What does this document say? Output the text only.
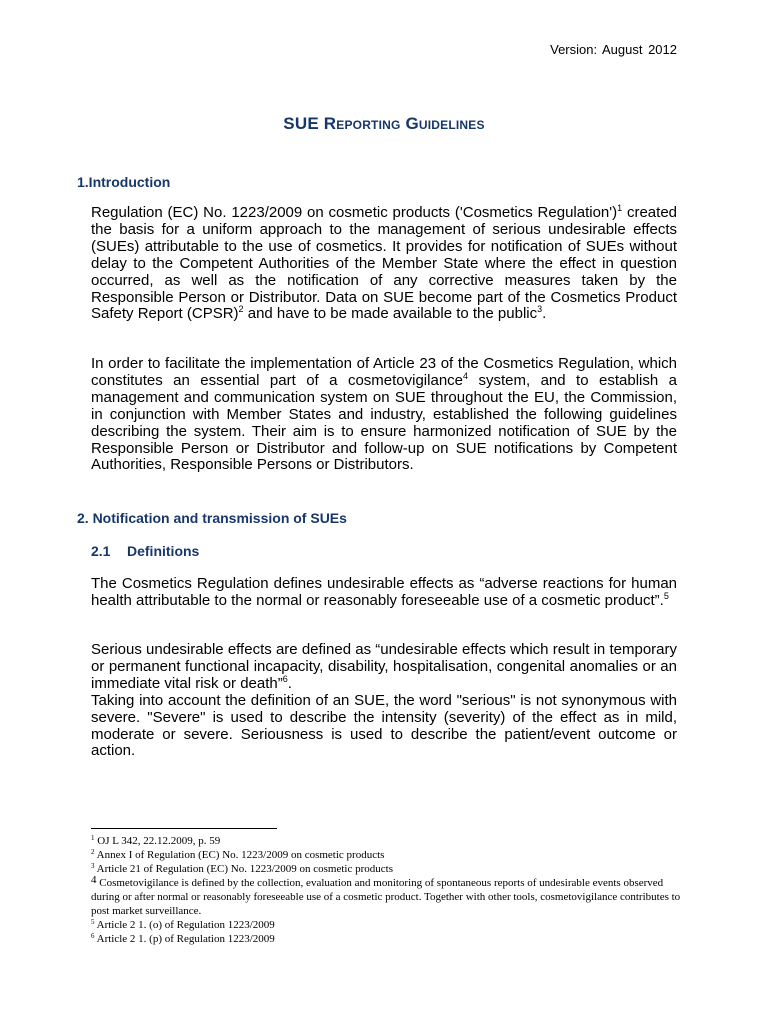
Version: August 2012
SUE Reporting Guidelines
1.Introduction

Regulation (EC) No. 1223/2009 on cosmetic products ('Cosmetics Regulation')$^1$ created the basis for a uniform approach to the management of serious undesirable effects (SUEs) attributable to the use of cosmetics. It provides for notification of SUEs without delay to the Competent Authorities of the Member State where the effect in question occurred, as well as the notification of any corrective measures taken by the Responsible Person or Distributor. Data on SUE become part of the Cosmetics Product Safety Report (CPSR)$^2$ and have to be made available to the public$^3$.

In order to facilitate the implementation of Article 23 of the Cosmetics Regulation, which constitutes an essential part of a cosmetovigilance$^4$ system, and to establish a management and communication system on SUE throughout the EU, the Commission, in conjunction with Member States and industry, established the following guidelines describing the system. Their aim is to ensure harmonized notification of SUE by the Responsible Person or Distributor and follow-up on SUE notifications by Competent Authorities, Responsible Persons or Distributors.

2. Notification and transmission of SUEs
2.1 Definitions

The Cosmetics Regulation defines undesirable effects as “adverse reactions for human health attributable to the normal or reasonably foreseeable use of a cosmetic product”.$^5$

Serious undesirable effects are defined as “undesirable effects which result in temporary or permanent functional incapacity, disability, hospitalisation, congenital anomalies or an immediate vital risk or death”$^6$.
Taking into account the definition of an SUE, the word "serious" is not synonymous with severe. "Severe" is used to describe the intensity (severity) of the effect as in mild, moderate or severe. Seriousness is used to describe the patient/event outcome or action.

$^1$ OJ L 342, 22.12.2009, p. 59

$^2$ Annex I of Regulation (EC) No. 1223/2009 on cosmetic products

$^3$ Article 21 of Regulation (EC) No. 1223/2009 on cosmetic products

$^4$ Cosmetovigilance is defined by the collection, evaluation and monitoring of spontaneous reports of undesirable events observed during or after normal or reasonably foreseeable use of a cosmetic product. Together with other tools, cosmetovigilance contributes to post market surveillance.

$^5$ Article 2 1. (o) of Regulation 1223/2009

$^6$ Article 2 1. (p) of Regulation 1223/2009
